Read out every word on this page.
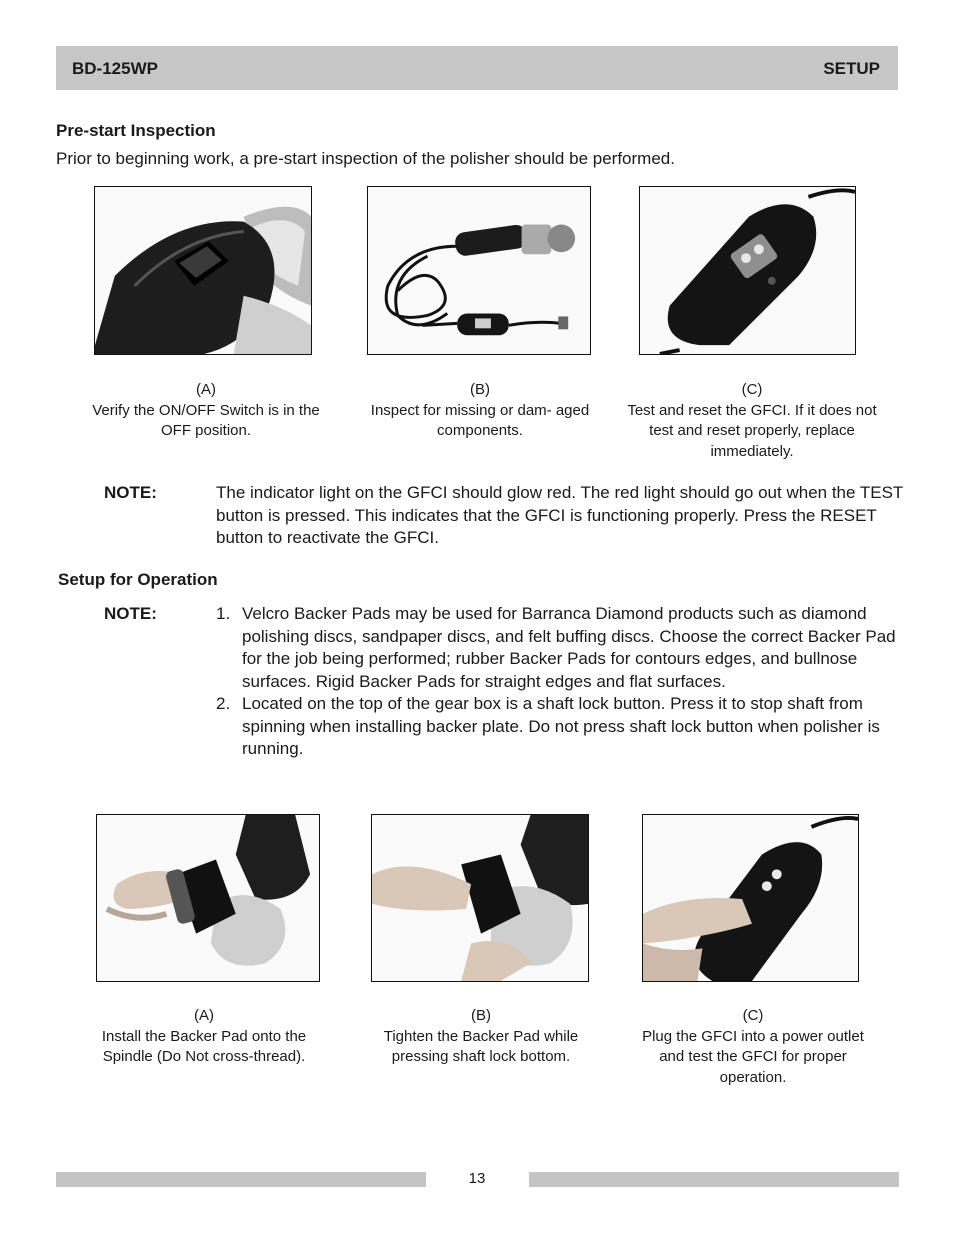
BD-125WP	SETUP
Pre-start Inspection
Prior to beginning work, a pre-start inspection of the polisher should be performed.
(A)
Verify the ON/OFF Switch is in the OFF position.
(B)
Inspect for missing or dam- aged components.
(C)
Test and reset the GFCI. If it does not test and reset properly, replace immediately.
NOTE:	The indicator light on the GFCI should glow red. The red light should go out when the TEST button is pressed. This indicates that the GFCI is functioning properly. Press the RESET button to reactivate the GFCI.
Setup for Operation
NOTE:	1. Velcro Backer Pads may be used for Barranca Diamond products such as diamond polishing discs, sandpaper discs, and felt buffing discs. Choose the correct Backer Pad for the job being performed; rubber Backer Pads for contours edges, and bullnose surfaces. Rigid Backer Pads for straight edges and flat surfaces.
2. Located on the top of the gear box is a shaft lock button. Press it to stop shaft from spinning when installing backer plate. Do not press shaft lock button when polisher is running.
(A)
Install the Backer Pad onto the Spindle (Do Not cross-thread).
(B)
Tighten the Backer Pad while pressing shaft lock bottom.
(C)
Plug the GFCI into a power outlet and test the GFCI for proper operation.
13
